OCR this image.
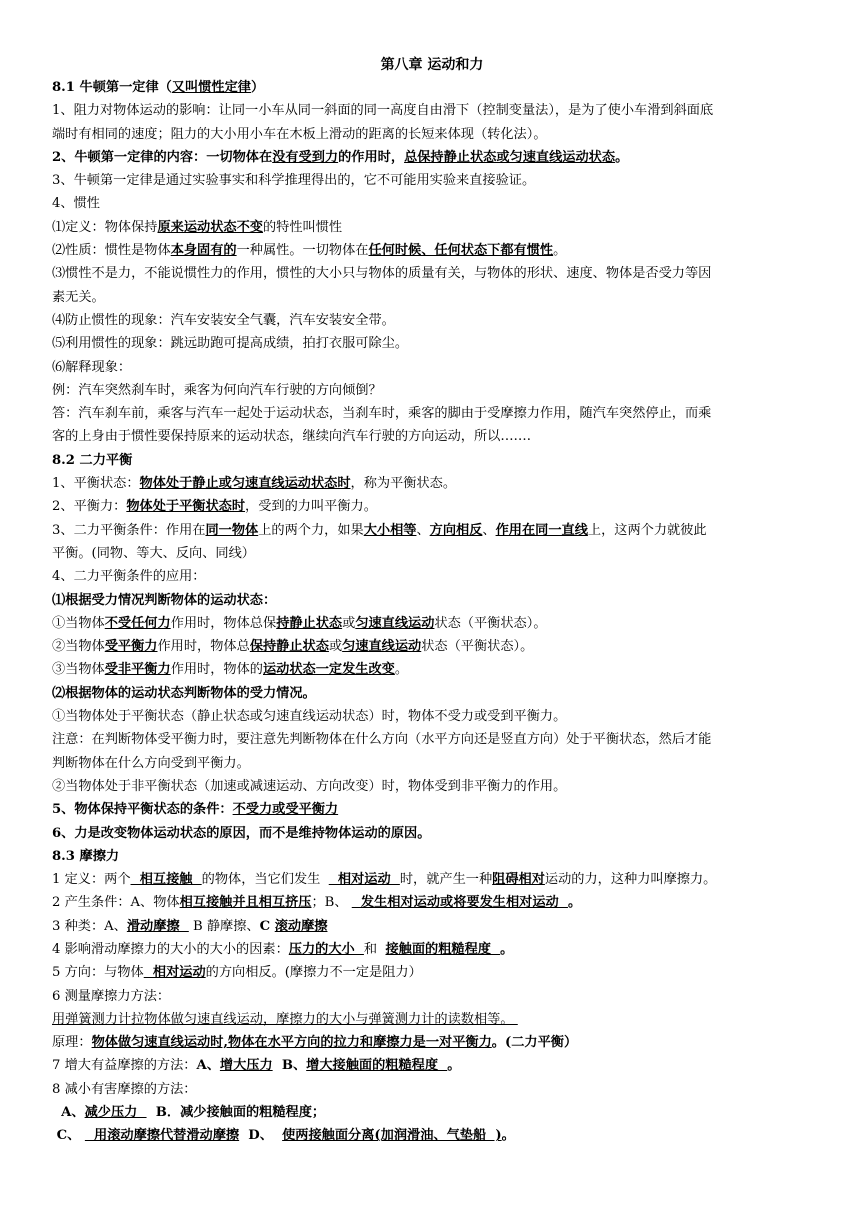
第八章 运动和力
8.1 牛顿第一定律（又叫惯性定律）
1、阻力对物体运动的影响：让同一小车从同一斜面的同一高度自由滑下（控制变量法），是为了使小车滑到斜面底
端时有相同的速度；阻力的大小用小车在木板上滑动的距离的长短来体现（转化法）。
2、牛顿第一定律的内容：一切物体在没有受到力的作用时，总保持静止状态或匀速直线运动状态。
3、牛顿第一定律是通过实验事实和科学推理得出的，它不可能用实验来直接验证。
4、惯性
⑴定义：物体保持原来运动状态不变的特性叫惯性
⑵性质：惯性是物体本身固有的一种属性。一切物体在任何时候、任何状态下都有惯性。
⑶惯性不是力，不能说惯性力的作用，惯性的大小只与物体的质量有关，与物体的形状、速度、物体是否受力等因
素无关。
⑷防止惯性的现象：汽车安装安全气囊，汽车安装安全带。
⑸利用惯性的现象：跳远助跑可提高成绩，拍打衣服可除尘。
⑹解释现象：
例：汽车突然刹车时，乘客为何向汽车行驶的方向倾倒？
答：汽车刹车前，乘客与汽车一起处于运动状态，当刹车时，乘客的脚由于受摩擦力作用，随汽车突然停止，而乘
客的上身由于惯性要保持原来的运动状态，继续向汽车行驶的方向运动，所以…….
8.2 二力平衡
1、平衡状态：物体处于静止或匀速直线运动状态时，称为平衡状态。
2、平衡力：物体处于平衡状态时，受到的力叫平衡力。
3、二力平衡条件：作用在同一物体上的两个力，如果大小相等、方向相反、作用在同一直线上，这两个力就彼此
平衡。(同物、等大、反向、同线）
4、二力平衡条件的应用：
⑴根据受力情况判断物体的运动状态：
①当物体不受任何力作用时，物体总保持静止状态或匀速直线运动状态（平衡状态）。
②当物体受平衡力作用时，物体总保持静止状态或匀速直线运动状态（平衡状态）。
③当物体受非平衡力作用时，物体的运动状态一定发生改变。
⑵根据物体的运动状态判断物体的受力情况。
①当物体处于平衡状态（静止状态或匀速直线运动状态）时，物体不受力或受到平衡力。
注意：在判断物体受平衡力时，要注意先判断物体在什么方向（水平方向还是竖直方向）处于平衡状态，然后才能
判断物体在什么方向受到平衡力。
②当物体处于非平衡状态（加速或减速运动、方向改变）时，物体受到非平衡力的作用。
5、物体保持平衡状态的条件：不受力或受平衡力
6、力是改变物体运动状态的原因，而不是维持物体运动的原因。
8.3 摩擦力
1 定义：两个  相互接触  的物体，当它们发生    相对运动  时，就产生一种阻碍相对运动的力，这种力叫摩擦力。
2 产生条件：A、物体相互接触并且相互挤压；B、   发生相对运动或将要发生相对运动  。
3 种类：A、滑动摩擦   B 静摩擦、C 滚动摩擦
4 影响滑动摩擦力的大小的大小的因素：压力的大小  和  接触面的粗糙程度  。
5 方向：与物体  相对运动的方向相反。(摩擦力不一定是阻力）
6 测量摩擦力方法：
用弹簧测力计拉物体做匀速直线运动，摩擦力的大小与弹簧测力计的读数相等。
原理：物体做匀速直线运动时,物体在水平方向的拉力和摩擦力是一对平衡力。(二力平衡）
7 增大有益摩擦的方法：A、增大压力  B、增大接触面的粗糙程度  。
8 减小有害摩擦的方法：
A、减少压力    B．减少接触面的粗糙程度；
C、   用滚动摩擦代替滑动摩擦  D、  使两接触面分离(加润滑油、气垫船  )。
